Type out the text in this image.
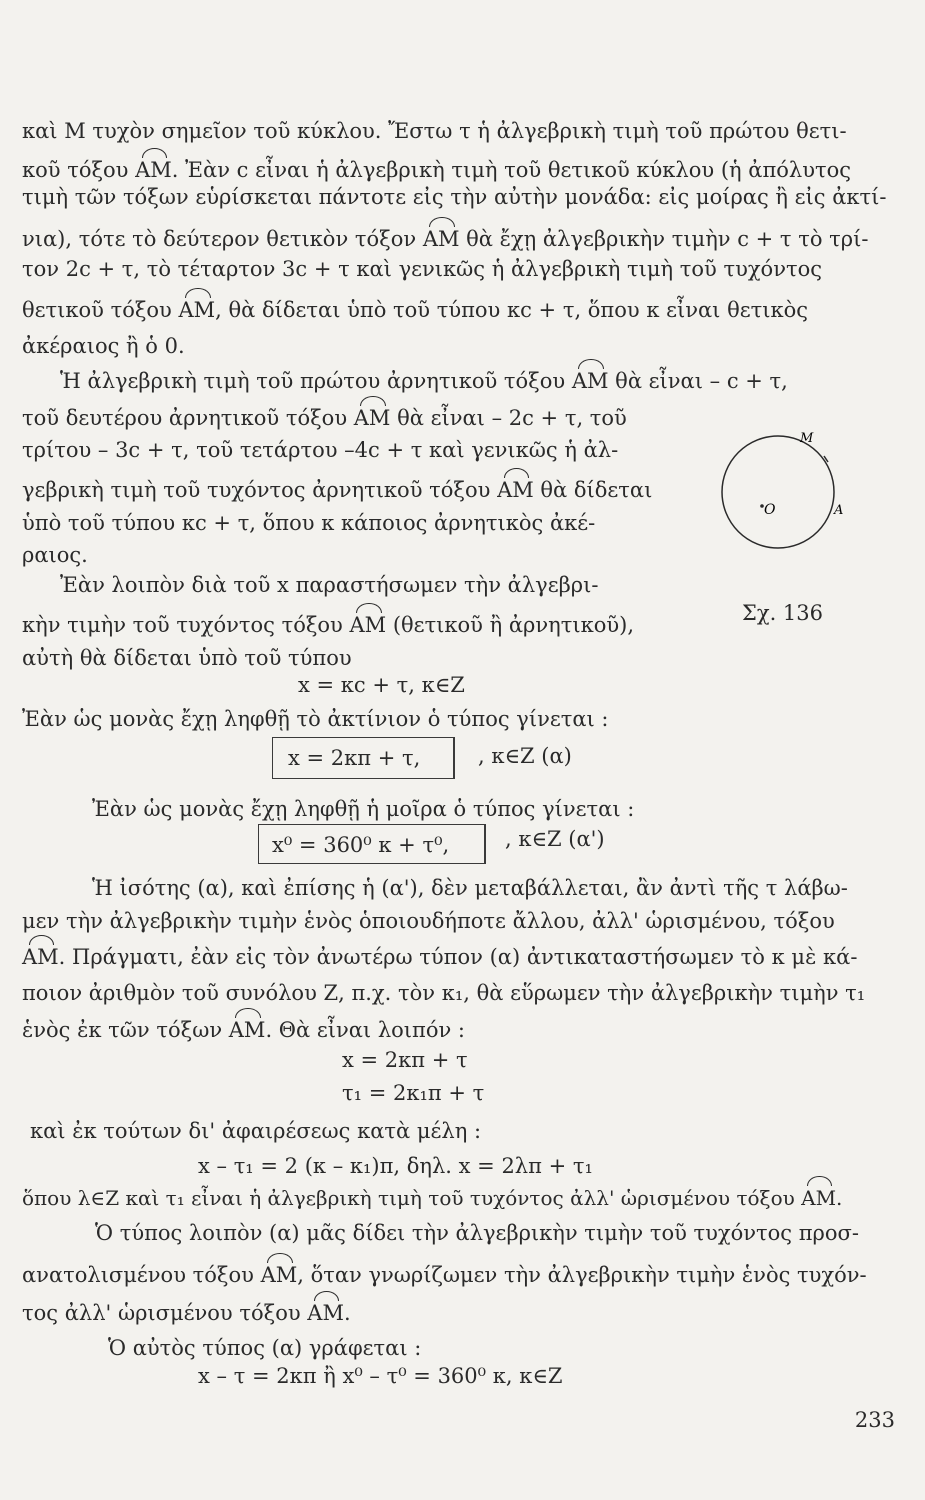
καὶ Μ τυχὸν σημεῖον τοῦ κύκλου. Ἔστω τ ἡ ἀλγεβρικὴ τιμὴ τοῦ πρώτου θετι-
κοῦ τόξου ΑΜ. Ἐὰν c εἶναι ἡ ἀλγεβρικὴ τιμὴ τοῦ θετικοῦ κύκλου (ἡ ἀπόλυτος
τιμὴ τῶν τόξων εὑρίσκεται πάντοτε εἰς τὴν αὐτὴν μονάδα: εἰς μοίρας ἢ εἰς ἀκτί-
νια), τότε τὸ δεύτερον θετικὸν τόξον ΑΜ θὰ ἔχῃ ἀλγεβρικὴν τιμὴν c + τ τὸ τρί-
τον 2c + τ, τὸ τέταρτον 3c + τ καὶ γενικῶς ἡ ἀλγεβρικὴ τιμὴ τοῦ τυχόντος
θετικοῦ τόξου ΑΜ, θὰ δίδεται ὑπὸ τοῦ τύπου κc + τ, ὅπου κ εἶναι θετικὸς
ἀκέραιος ἢ ὁ 0.
Ἡ ἀλγεβρικὴ τιμὴ τοῦ πρώτου ἀρνητικοῦ τόξου ΑΜ θὰ εἶναι – c + τ,
τοῦ δευτέρου ἀρνητικοῦ τόξου ΑΜ θὰ εἶναι – 2c + τ, τοῦ
τρίτου – 3c + τ, τοῦ τετάρτου –4c + τ καὶ γενικῶς ἡ ἀλ-
γεβρικὴ τιμὴ τοῦ τυχόντος ἀρνητικοῦ τόξου ΑΜ θὰ δίδεται
ὑπὸ τοῦ τύπου κc + τ, ὅπου κ κάποιος ἀρνητικὸς ἀκέ-
ραιος.
Ἐὰν λοιπὸν διὰ τοῦ x παραστήσωμεν τὴν ἀλγεβρι-
κὴν τιμὴν τοῦ τυχόντος τόξου ΑΜ (θετικοῦ ἢ ἀρνητικοῦ),
αὐτὴ θὰ δίδεται ὑπὸ τοῦ τύπου
x = κc + τ, κ∈Ζ
Ἐὰν ὡς μονὰς ἔχῃ ληφθῇ τὸ ἀκτίνιον ὁ τύπος γίνεται :
x = 2κπ + τ,	, κ∈Ζ (α)
Ἐὰν ὡς μονὰς ἔχῃ ληφθῇ ἡ μοῖρα ὁ τύπος γίνεται :
x⁰ = 360⁰ κ + τ⁰,	, κ∈Ζ (α')
Ἡ ἰσότης (α), καὶ ἐπίσης ἡ (α'), δὲν μεταβάλλεται, ἂν ἀντὶ τῆς τ λάβω-
μεν τὴν ἀλγεβρικὴν τιμὴν ἑνὸς ὁποιουδήποτε ἄλλου, ἀλλ' ὡρισμένου, τόξου
ΑΜ. Πράγματι, ἐὰν εἰς τὸν ἀνωτέρω τύπον (α) ἀντικαταστήσωμεν τὸ κ μὲ κά-
ποιον ἀριθμὸν τοῦ συνόλου Ζ, π.χ. τὸν κ₁, θὰ εὕρωμεν τὴν ἀλγεβρικὴν τιμὴν τ₁
ἑνὸς ἐκ τῶν τόξων ΑΜ. Θὰ εἶναι λοιπόν :
x = 2κπ + τ
τ₁ = 2κ₁π + τ
καὶ ἐκ τούτων δι' ἀφαιρέσεως κατὰ μέλη :
x – τ₁ = 2 (κ – κ₁)π, δηλ. x = 2λπ + τ₁
ὅπου λ∈Ζ καὶ τ₁ εἶναι ἡ ἀλγεβρικὴ τιμὴ τοῦ τυχόντος ἀλλ' ὡρισμένου τόξου ΑΜ.
Ὁ τύπος λοιπὸν (α) μᾶς δίδει τὴν ἀλγεβρικὴν τιμὴν τοῦ τυχόντος προσ-
ανατολισμένου τόξου ΑΜ, ὅταν γνωρίζωμεν τὴν ἀλγεβρικὴν τιμὴν ἑνὸς τυχόν-
τος ἀλλ' ὡρισμένου τόξου ΑΜ.
Ὁ αὐτὸς τύπος (α) γράφεται :
x – τ = 2κπ ἢ x⁰ – τ⁰ = 360⁰ κ, κ∈Ζ
O
M
A
Σχ. 136
233
